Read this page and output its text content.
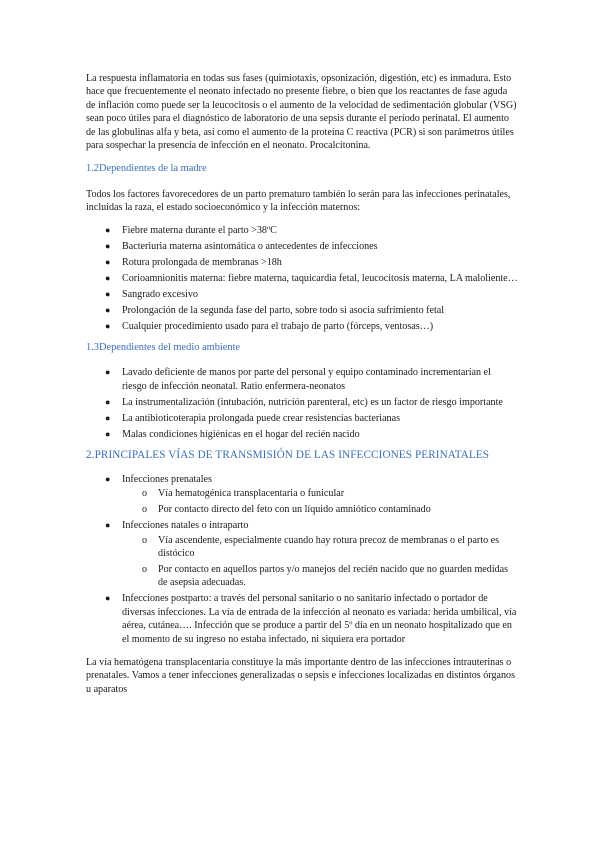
La respuesta inflamatoria en todas sus fases (quimiotaxis, opsonización, digestión, etc) es inmadura. Esto hace que frecuentemente el neonato infectado no presente fiebre, o bien que los reactantes de fase aguda de inflación como puede ser la leucocitosis o el aumento de la velocidad de sedimentación globular (VSG) sean poco útiles para el diagnóstico de laboratorio de una sepsis durante el período perinatal. El aumento de las globulinas alfa y beta, así como el aumento de la proteína C reactiva (PCR) si son parámetros útiles para sospechar la presencia de infección en el neonato. Procalcitonina.

1.2Dependientes de la madre

Todos los factores favorecedores de un parto prematuro también lo serán para las infecciones perinatales, incluidas la raza, el estado socioeconómico y la infección maternos:

● Fiebre materna durante el parto >38ºC
● Bacteriuria materna asintomática o antecedentes de infecciones
● Rotura prolongada de membranas >18h
● Corioamnionitis materna: fiebre materna, taquicardia fetal, leucocitosis materna, LA maloliente…
● Sangrado excesivo
● Prolongación de la segunda fase del parto, sobre todo si asocia sufrimiento fetal
● Cualquier procedimiento usado para el trabajo de parto (fórceps, ventosas…)

1.3Dependientes del medio ambiente

● Lavado deficiente de manos por parte del personal y equipo contaminado incrementarían el riesgo de infección neonatal. Ratio enfermera-neonatos
● La instrumentalización (intubación, nutrición parenteral, etc) es un factor de riesgo importante
● La antibioticoterapia prolongada puede crear resistencias bacterianas
● Malas condiciones higiénicas en el hogar del recién nacido

2.PRINCIPALES VÍAS DE TRANSMISIÓN DE LAS INFECCIONES PERINATALES

● Infecciones prenatales
o Vía hematogénica transplacentaria o funicular
o Por contacto directo del feto con un líquido amniótico contaminado
● Infecciones natales o intraparto
o Vía ascendente, especialmente cuando hay rotura precoz de membranas o el parto es distócico
o Por contacto en aquellos partos y/o manejos del recién nacido que no guarden medidas de asepsia adecuadas.
● Infecciones postparto: a través del personal sanitario o no sanitario infectado o portador de diversas infecciones. La vía de entrada de la infección al neonato es variada: herida umbilical, vía aérea, cutánea…. Infección que se produce a partir del 5º día en un neonato hospitalizado que en el momento de su ingreso no estaba infectado, ni siquiera era portador

La vía hematógena transplacentaria constituye la más importante dentro de las infecciones intrauterinas o prenatales. Vamos a tener infecciones generalizadas o sepsis e infecciones localizadas en distintos órganos u aparatos
